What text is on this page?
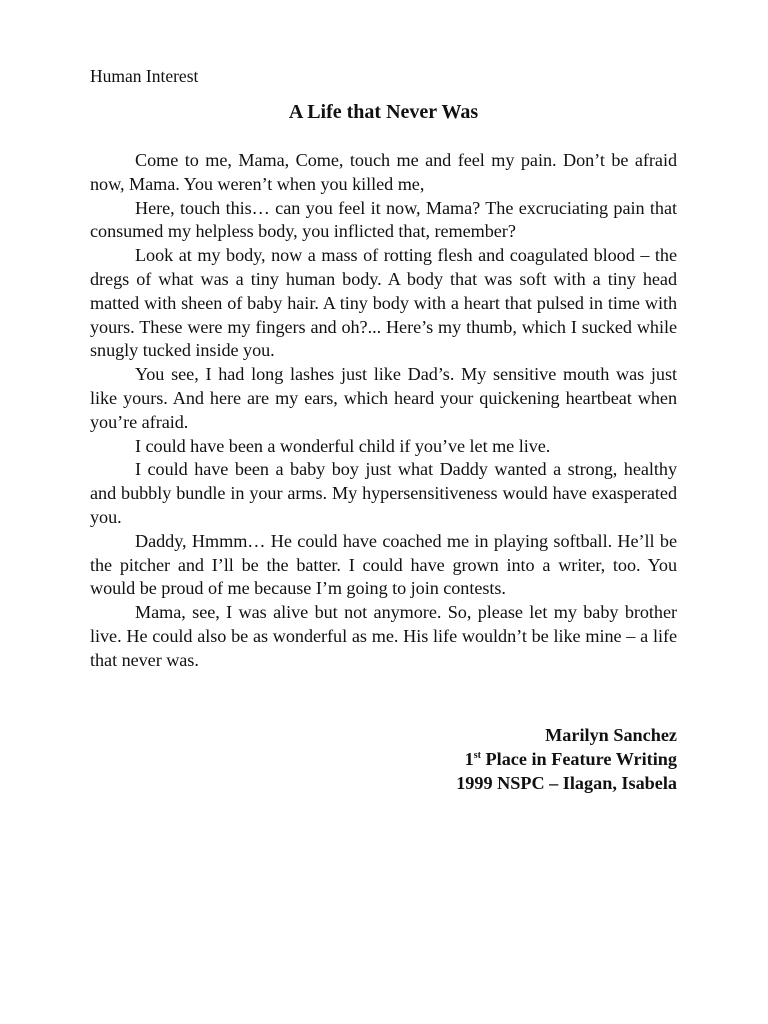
Human Interest

A Life that Never Was

Come to me, Mama, Come, touch me and feel my pain. Don’t be afraid now, Mama. You weren’t when you killed me,

Here, touch this… can you feel it now, Mama? The excruciating pain that consumed my helpless body, you inflicted that, remember?

Look at my body, now a mass of rotting flesh and coagulated blood – the dregs of what was a tiny human body. A body that was soft with a tiny head matted with sheen of baby hair. A tiny body with a heart that pulsed in time with yours. These were my fingers and oh?... Here’s my thumb, which I sucked while snugly tucked inside you.

You see, I had long lashes just like Dad’s. My sensitive mouth was just like yours. And here are my ears, which heard your quickening heartbeat when you’re afraid.

I could have been a wonderful child if you’ve let me live.

I could have been a baby boy just what Daddy wanted a strong, healthy and bubbly bundle in your arms. My hypersensitiveness would have exasperated you.

Daddy, Hmmm… He could have coached me in playing softball. He’ll be the pitcher and I’ll be the batter. I could have grown into a writer, too. You would be proud of me because I’m going to join contests.

Mama, see, I was alive but not anymore. So, please let my baby brother live. He could also be as wonderful as me. His life wouldn’t be like mine – a life that never was.

Marilyn Sanchez
1st Place in Feature Writing
1999 NSPC – Ilagan, Isabela
